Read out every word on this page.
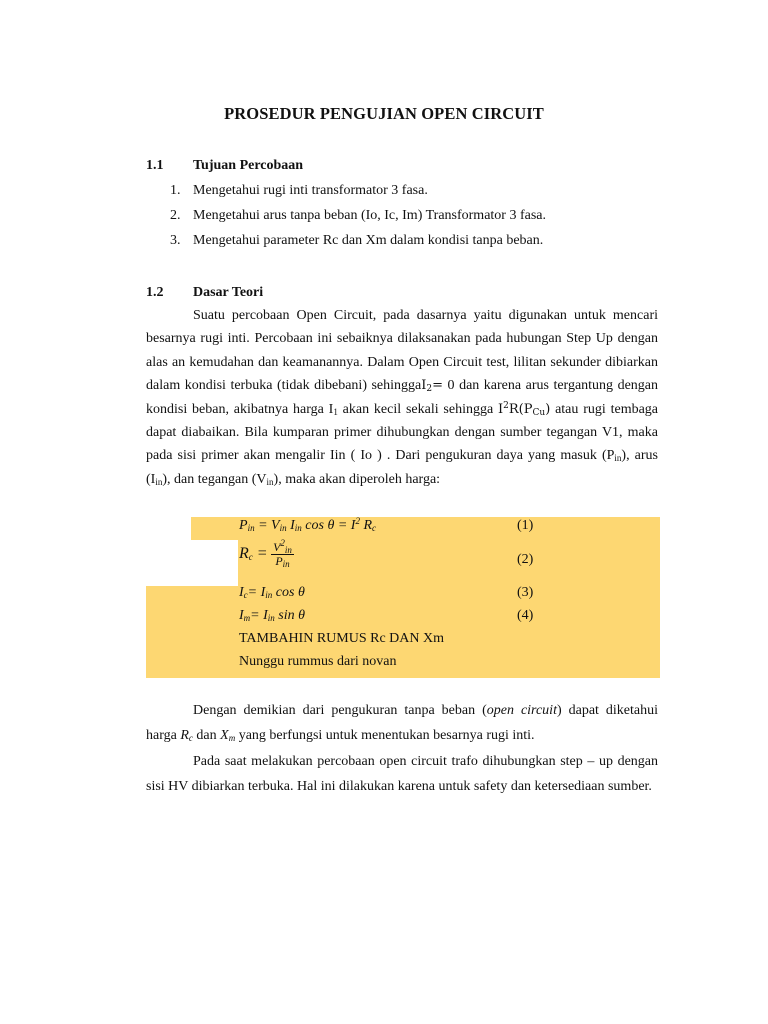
PROSEDUR PENGUJIAN OPEN CIRCUIT
1.1 Tujuan Percobaan
1. Mengetahui rugi inti transformator 3 fasa.
2. Mengetahui arus tanpa beban (Io, Ic, Im) Transformator 3 fasa.
3. Mengetahui parameter Rc dan Xm dalam kondisi tanpa beban.
1.2 Dasar Teori

Suatu percobaan Open Circuit, pada dasarnya yaitu digunakan untuk mencari besarnya rugi inti. Percobaan ini sebaiknya dilaksanakan pada hubungan Step Up dengan alas an kemudahan dan keamanannya. Dalam Open Circuit test, lilitan sekunder dibiarkan dalam kondisi terbuka (tidak dibebani) sehinggaI$_2$= 0 dan karena arus tergantung dengan kondisi beban, akibatnya harga $I_1$ akan kecil sekali sehingga $I^2R(P_{Cu})$ atau rugi tembaga dapat diabaikan. Bila kumparan primer dihubungkan dengan sumber tegangan V1, maka pada sisi primer akan mengalir Iin ( Io ) . Dari pengukuran daya yang masuk $(P_{in})$, arus $(I_{in})$, dan tegangan $(V_{in})$, maka akan diperoleh harga:

$P_{in} = V_{in}$ $I_{in}$ $\cos \theta = I^2$ $R_c$	(1)
$R_c = \frac{V^2_{in}}{P_{in}}$	(2)
$I_c= I_{in}$ cos θ	(3)
$I_m= I_{in}$ sin θ	(4)
TAMBAHIN RUMUS Rc DAN Xm
Nunggu rummus dari novan

Dengan demikian dari pengukuran tanpa beban (open circuit) dapat diketahui harga $R_c$ dan $X_m$ yang berfungsi untuk menentukan besarnya rugi inti.

Pada saat melakukan percobaan open circuit trafo dihubungkan step – up dengan sisi HV dibiarkan terbuka. Hal ini dilakukan karena untuk safety dan ketersediaan sumber.
